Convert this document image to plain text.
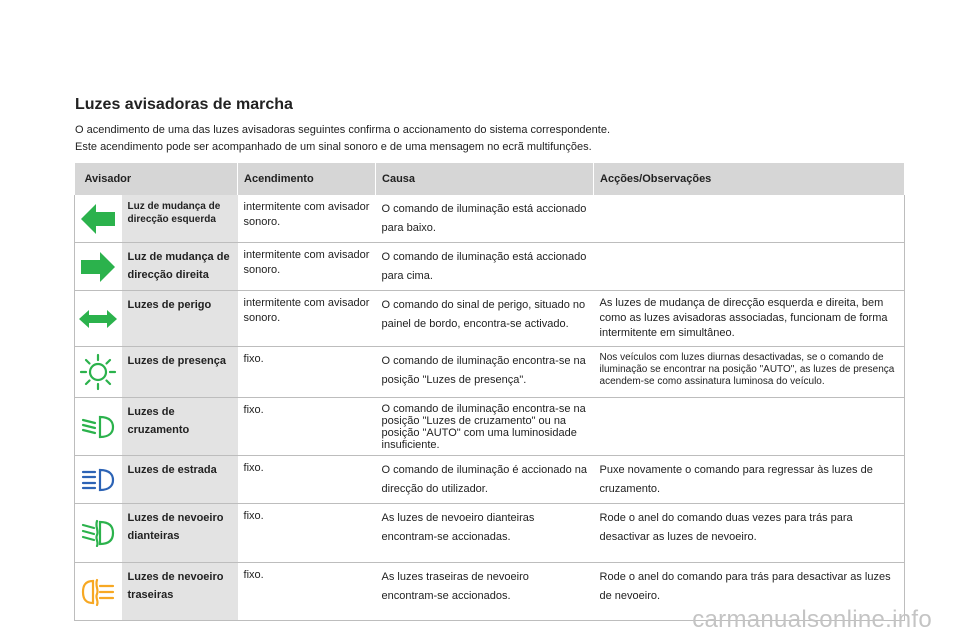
Luzes avisadoras de marcha

O acendimento de uma das luzes avisadoras seguintes confirma o accionamento do sistema correspondente.

Este acendimento pode ser acompanhado de um sinal sonoro e de uma mensagem no ecrã multifunções.

Avisador		Acendimento	Causa	Acções/Observações

	Luz de mudança de direcção esquerda	intermitente com avisador sonoro.	O comando de iluminação está accionado para baixo.	

	Luz de mudança de direcção direita	intermitente com avisador sonoro.	O comando de iluminação está accionado para cima.	

	Luzes de perigo	intermitente com avisador sonoro.	O comando do sinal de perigo, situado no painel de bordo, encontra-se activado.	As luzes de mudança de direcção esquerda e direita, bem como as luzes avisadoras associadas, funcionam de forma intermitente em simultâneo.

	Luzes de presença	fixo.	O comando de iluminação encontra-se na posição "Luzes de presença".	Nos veículos com luzes diurnas desactivadas, se o comando de iluminação se encontrar na posição "AUTO", as luzes de presença acendem-se como assinatura luminosa do veículo.

	Luzes de cruzamento	fixo.	O comando de iluminação encontra-se na posição "Luzes de cruzamento" ou na posição "AUTO" com uma luminosidade insuficiente.	

	Luzes de estrada	fixo.	O comando de iluminação é accionado na direcção do utilizador.	Puxe novamente o comando para regressar às luzes de cruzamento.

	Luzes de nevoeiro dianteiras	fixo.	As luzes de nevoeiro dianteiras encontram-se accionadas.	Rode o anel do comando duas vezes para trás para desactivar as luzes de nevoeiro.

	Luzes de nevoeiro traseiras	fixo.	As luzes traseiras de nevoeiro encontram-se accionados.	Rode o anel do comando para trás para desactivar as luzes de nevoeiro.
carmanualsonline.info
